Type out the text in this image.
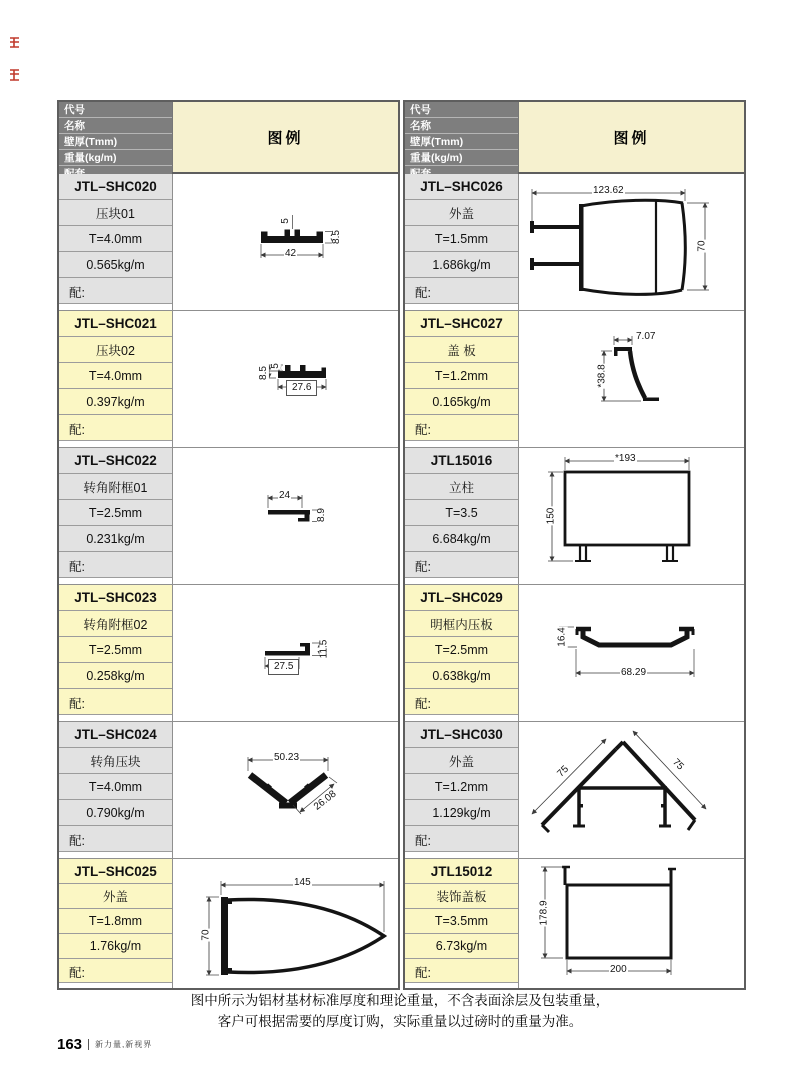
代号
名称
壁厚(Tmm)
重量(kg/m)
图例
JTL–SHC020
压块01
T=4.0mm
0.565kg/m
配:
5
42
8.5
JTL–SHC021
压块02
T=4.0mm
0.397kg/m
配:
5
8.5
27.6
JTL–SHC022
转角附框01
T=2.5mm
0.231kg/m
配:
24
8.9
JTL–SHC023
转角附框02
T=2.5mm
0.258kg/m
配:
27.5
11.5
JTL–SHC024
转角压块
T=4.0mm
0.790kg/m
配:
50.23
26.08
JTL–SHC025
外盖
T=1.8mm
1.76kg/m
配:
145
70
代号
名称
壁厚(Tmm)
重量(kg/m)
图例
JTL–SHC026
外盖
T=1.5mm
1.686kg/m
配:
123.62
70
JTL–SHC027
盖 板
T=1.2mm
0.165kg/m
配:
7.07
*38.8
JTL15016
立柱
T=3.5
6.684kg/m
配:
*193
150
JTL–SHC029
明框内压板
T=2.5mm
0.638kg/m
配:
16.4
68.29
JTL–SHC030
外盖
T=1.2mm
1.129kg/m
配:
75	75
JTL15012
装饰盖板
T=3.5mm
6.73kg/m
配:
178.9
200
图中所示为铝材基材标准厚度和理论重量，不含表面涂层及包装重量，
客户可根据需要的厚度订购，实际重量以过磅时的重量为准。
163 新力量,新视界
